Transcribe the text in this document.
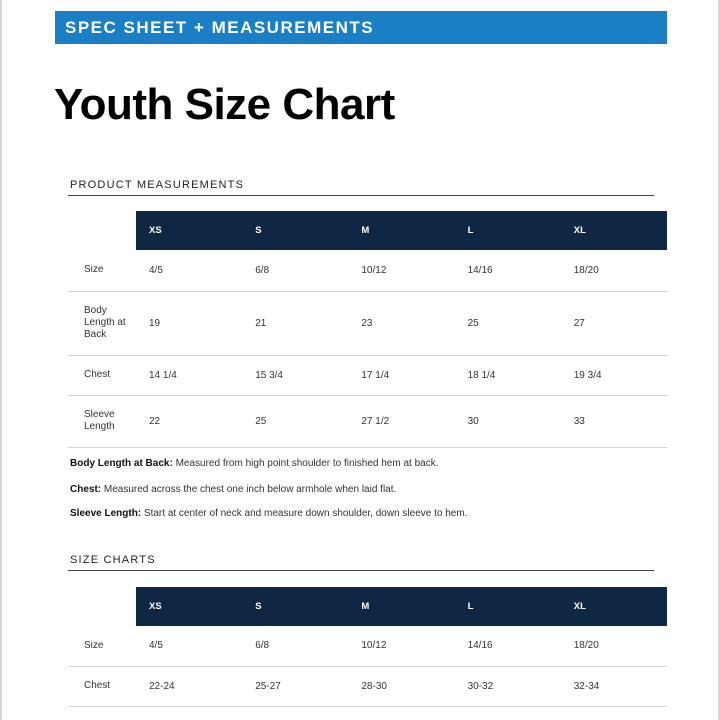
SPEC SHEET + MEASUREMENTS
Youth Size Chart
PRODUCT MEASUREMENTS
	XS	S	M	L	XL
Size	4/5	6/8	10/12	14/16	18/20
Body Length at Back	19	21	23	25	27
Chest	14 1/4	15 3/4	17 1/4	18 1/4	19 3/4
Sleeve Length	22	25	27 1/2	30	33
Body Length at Back: Measured from high point shoulder to finished hem at back.
Chest: Measured across the chest one inch below armhole when laid flat.
Sleeve Length: Start at center of neck and measure down shoulder, down sleeve to hem.
SIZE CHARTS
	XS	S	M	L	XL
Size	4/5	6/8	10/12	14/16	18/20
Chest	22-24	25-27	28-30	30-32	32-34
